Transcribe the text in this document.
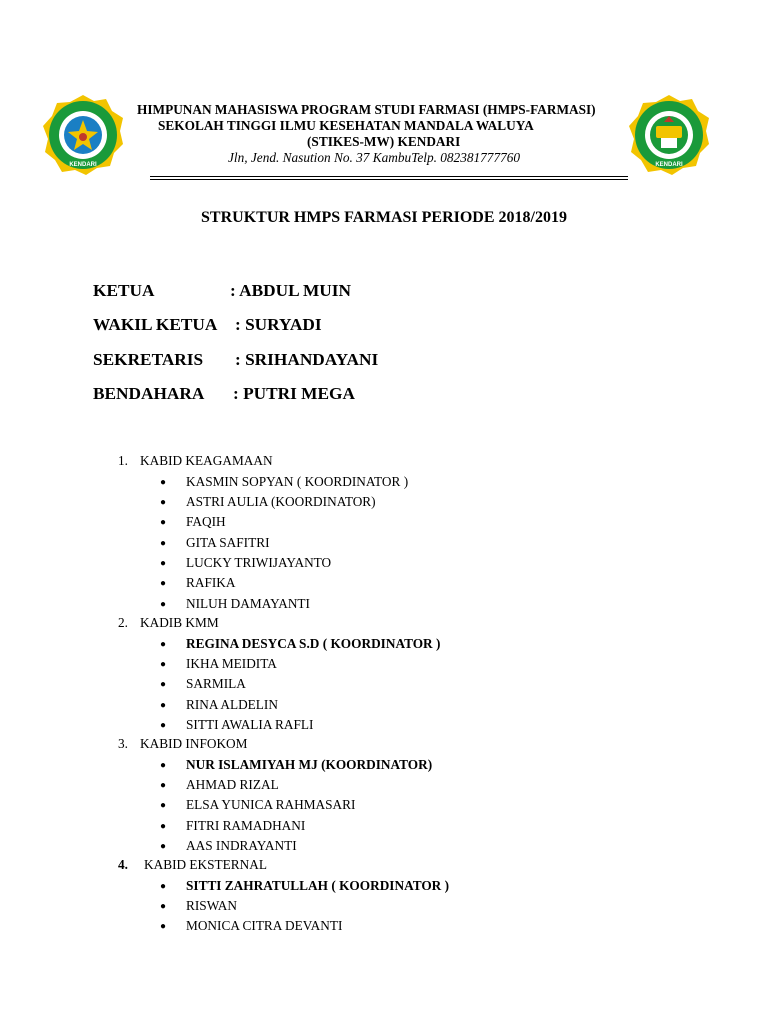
KENDARI
HIMPUNAN MAHASISWA PROGRAM STUDI FARMASI (HMPS-FARMASI)
SEKOLAH TINGGI ILMU KESEHATAN MANDALA WALUYA
(STIKES-MW) KENDARI
Jln, Jend. Nasution No. 37 KambuTelp. 082381777760	KENDARI
STRUKTUR HMPS FARMASI PERIODE 2018/2019
KETUA	: ABDUL MUIN
WAKIL KETUA : SURYADI
SEKRETARIS : SRIHANDAYANI
BENDAHARA : PUTRI MEGA
1. KABID KEAGAMAAN
● KASMIN SOPYAN ( KOORDINATOR )
● ASTRI AULIA (KOORDINATOR)
● FAQIH
● GITA SAFITRI
● LUCKY TRIWIJAYANTO
● RAFIKA
● NILUH DAMAYANTI
2. KADIB KMM
● REGINA DESYCA S.D ( KOORDINATOR )
● IKHA MEIDITA
● SARMILA
● RINA ALDELIN
● SITTI AWALIA RAFLI
3. KABID INFOKOM
● NUR ISLAMIYAH MJ (KOORDINATOR)
● AHMAD RIZAL
● ELSA YUNICA RAHMASARI
● FITRI RAMADHANI
● AAS INDRAYANTI
4. KABID EKSTERNAL
● SITTI ZAHRATULLAH ( KOORDINATOR )
● RISWAN
● MONICA CITRA DEVANTI
